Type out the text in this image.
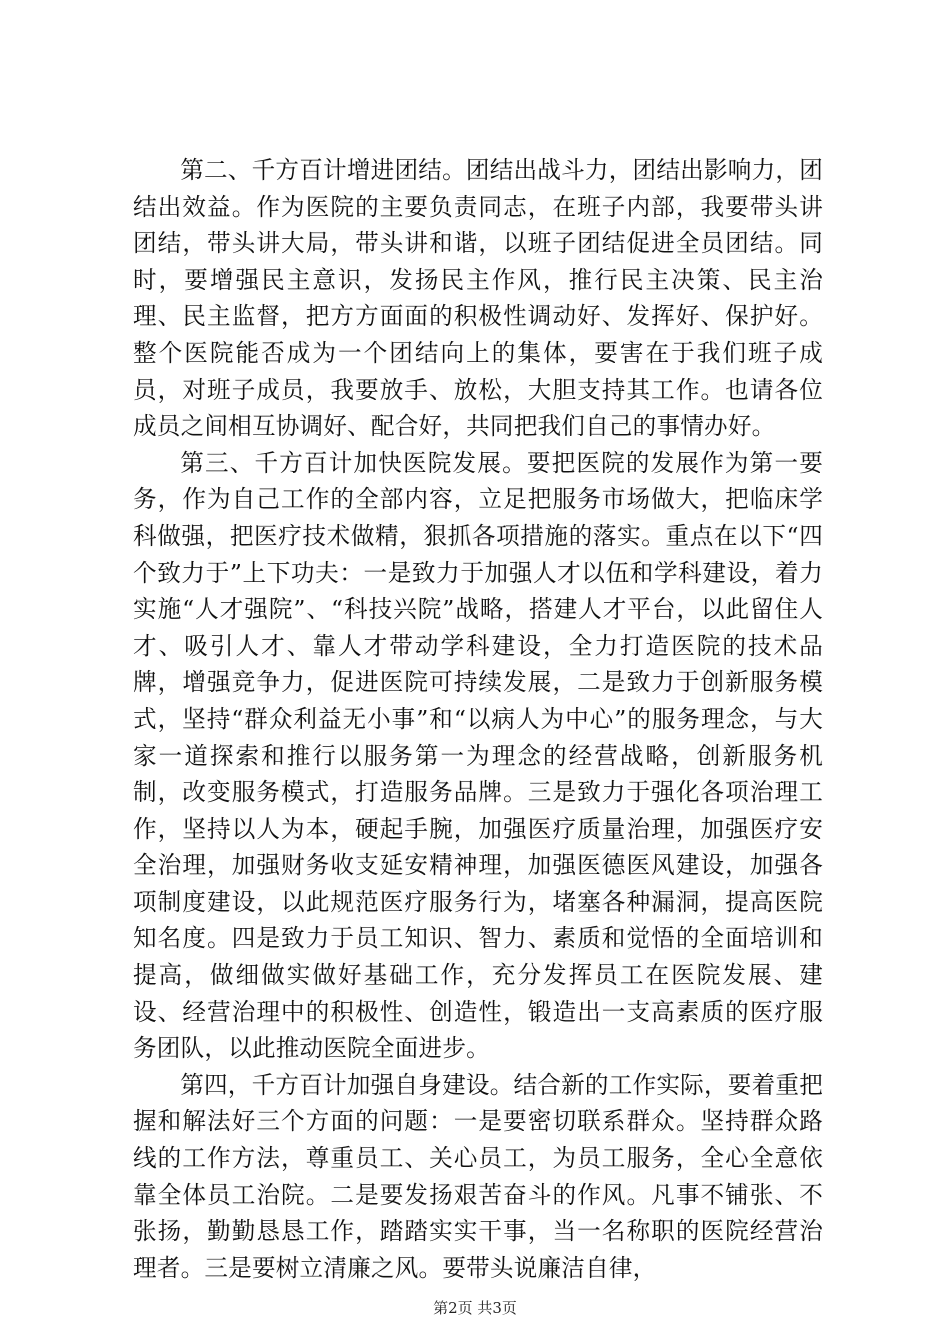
第二、千方百计增进团结。团结出战斗力，团结出影响力，团结出效益。作为医院的主要负责同志，在班子内部，我要带头讲团结，带头讲大局，带头讲和谐，以班子团结促进全员团结。同时，要增强民主意识，发扬民主作风，推行民主决策、民主治理、民主监督，把方方面面的积极性调动好、发挥好、保护好。整个医院能否成为一个团结向上的集体，要害在于我们班子成员，对班子成员，我要放手、放松，大胆支持其工作。也请各位成员之间相互协调好、配合好，共同把我们自己的事情办好。

第三、千方百计加快医院发展。要把医院的发展作为第一要务，作为自己工作的全部内容，立足把服务市场做大，把临床学科做强，把医疗技术做精，狠抓各项措施的落实。重点在以下“四个致力于”上下功夫：一是致力于加强人才以伍和学科建设，着力实施“人才强院”、“科技兴院”战略，搭建人才平台，以此留住人才、吸引人才、靠人才带动学科建设，全力打造医院的技术品牌，增强竞争力，促进医院可持续发展，二是致力于创新服务模式，坚持“群众利益无小事”和“以病人为中心”的服务理念，与大家一道探索和推行以服务第一为理念的经营战略，创新服务机制，改变服务模式，打造服务品牌。三是致力于强化各项治理工作，坚持以人为本，硬起手腕，加强医疗质量治理，加强医疗安全治理，加强财务收支延安精神理，加强医德医风建设，加强各项制度建设，以此规范医疗服务行为，堵塞各种漏洞，提高医院知名度。四是致力于员工知识、智力、素质和觉悟的全面培训和提高，做细做实做好基础工作，充分发挥员工在医院发展、建设、经营治理中的积极性、创造性，锻造出一支高素质的医疗服务团队，以此推动医院全面进步。

第四，千方百计加强自身建设。结合新的工作实际，要着重把握和解法好三个方面的问题：一是要密切联系群众。坚持群众路线的工作方法，尊重员工、关心员工，为员工服务，全心全意依靠全体员工治院。二是要发扬艰苦奋斗的作风。凡事不铺张、不张扬，勤勤恳恳工作，踏踏实实干事，当一名称职的医院经营治理者。三是要树立清廉之风。要带头说廉洁自律，

第2页 共3页
